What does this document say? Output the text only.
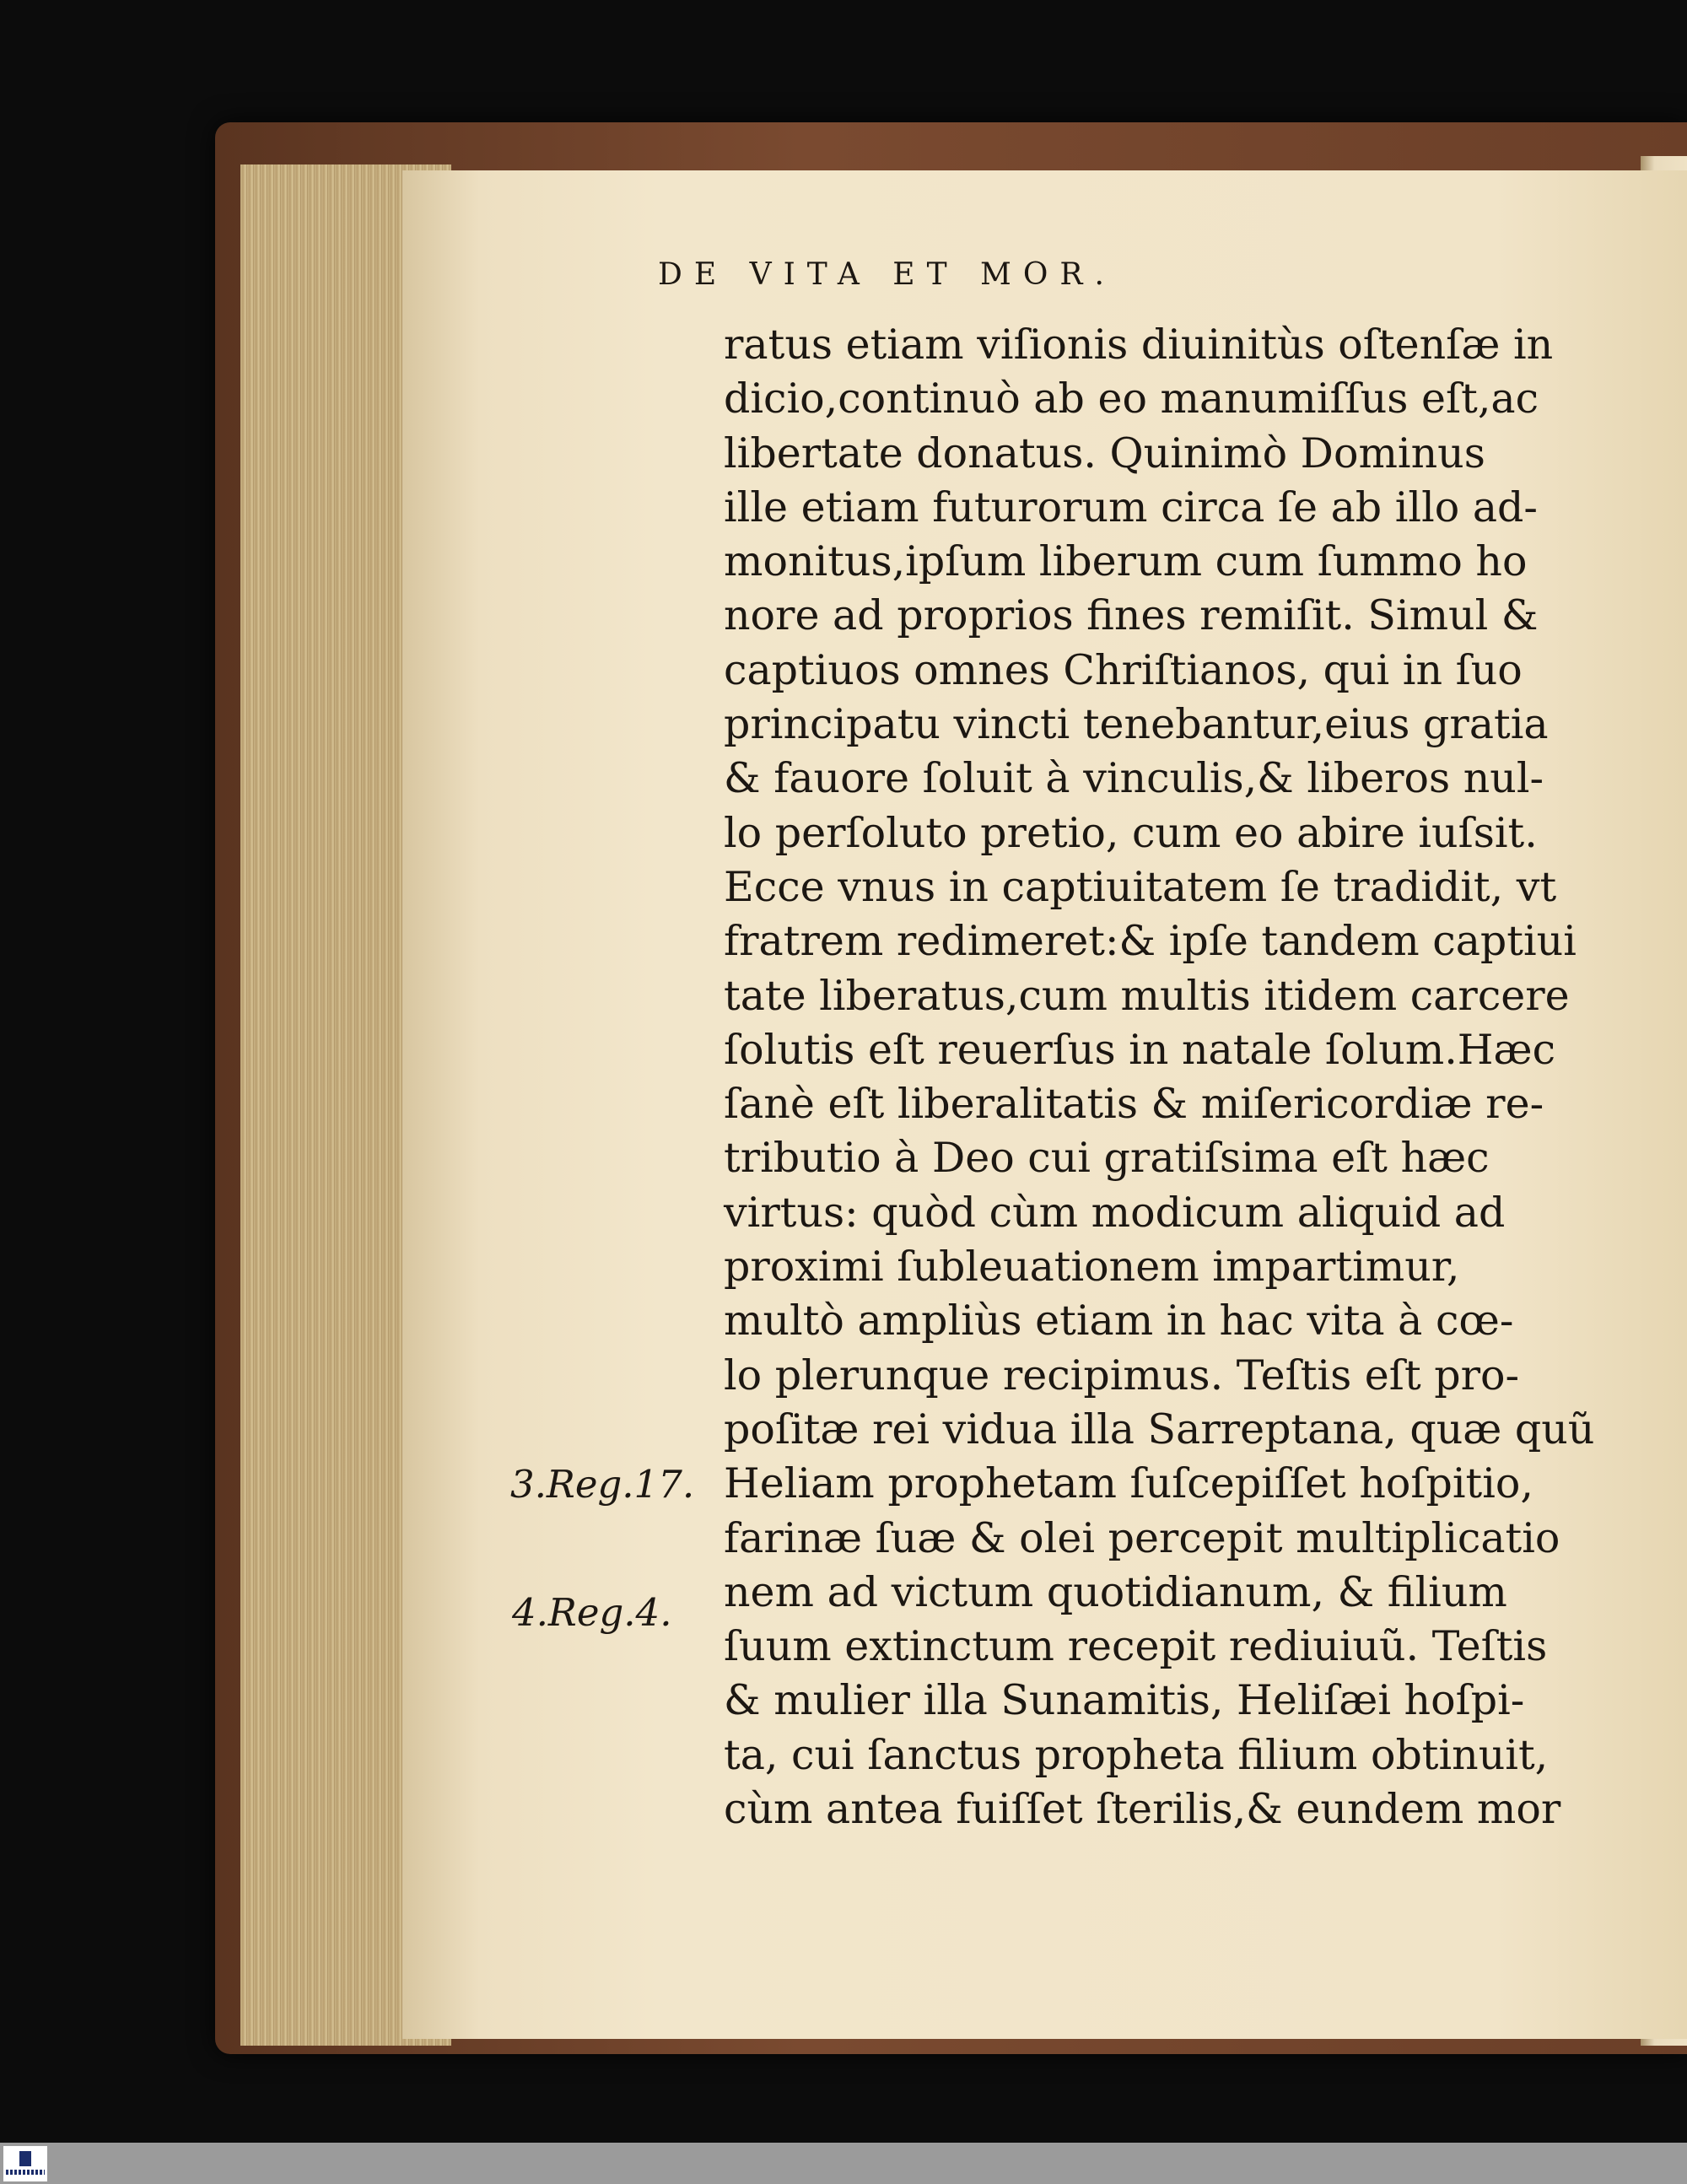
DE VITA ET MOR.
ratus etiam viſionis diuinitùs oſtenſæ in
dicio,continuò ab eo manumiſſus eſt,ac
libertate donatus. Quinimò Dominus
ille etiam futurorum circa ſe ab illo ad-
monitus,ipſum liberum cum ſummo ho
nore ad proprios fines remiſit. Simul &
captiuos omnes Chriſtianos, qui in ſuo
principatu vincti tenebantur,eius gratia
& fauore ſoluit à vinculis,& liberos nul-
lo perſoluto pretio, cum eo abire iuſsit.
Ecce vnus in captiuitatem ſe tradidit, vt
fratrem redimeret:& ipſe tandem captiui
tate liberatus,cum multis itidem carcere
ſolutis eſt reuerſus in natale ſolum.Hæc
ſanè eſt liberalitatis & miſericordiæ re-
tributio à Deo cui gratiſsima eſt hæc
virtus: quòd cùm modicum aliquid ad
proximi ſubleuationem impartimur,
multò ampliùs etiam in hac vita à cœ-
lo plerunque recipimus. Teſtis eſt pro-
poſitæ rei vidua illa Sarreptana, quæ quũ
Heliam prophetam ſuſcepiſſet hoſpitio,
farinæ ſuæ & olei percepit multiplicatio
nem ad victum quotidianum, & filium
ſuum extinctum recepit rediuiuũ. Teſtis
& mulier illa Sunamitis, Heliſæi hoſpi-
ta, cui ſanctus propheta filium obtinuit,
cùm antea fuiſſet ſterilis,& eundem mor
3.Reg.17.
4.Reg.4.
